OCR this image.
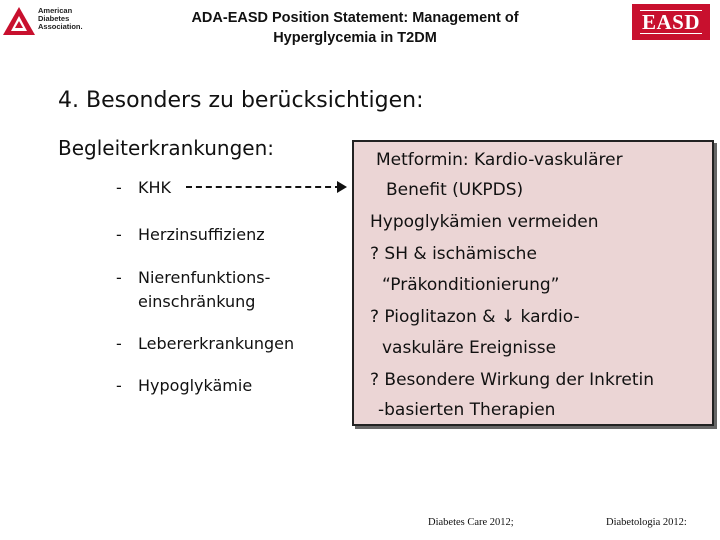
American
Diabetes
Association.
ADA-EASD Position Statement: Management of
Hyperglycemia in T2DM
EASD
4. Besonders zu berücksichtigen:
Begleiterkrankungen:
- KHK
- Herzinsuffizienz
- Nierenfunktions-
einschränkung
- Lebererkrankungen
- Hypoglykämie
Metformin: Kardio-vaskulärer
Benefit (UKPDS)
Hypoglykämien vermeiden
? SH & ischämische
“Präkonditionierung”
? Pioglitazon & ↓ kardio-
vaskuläre Ereignisse
? Besondere Wirkung der Inkretin
-basierten Therapien
Diabetes Care 2012;	Diabetologia 2012:
